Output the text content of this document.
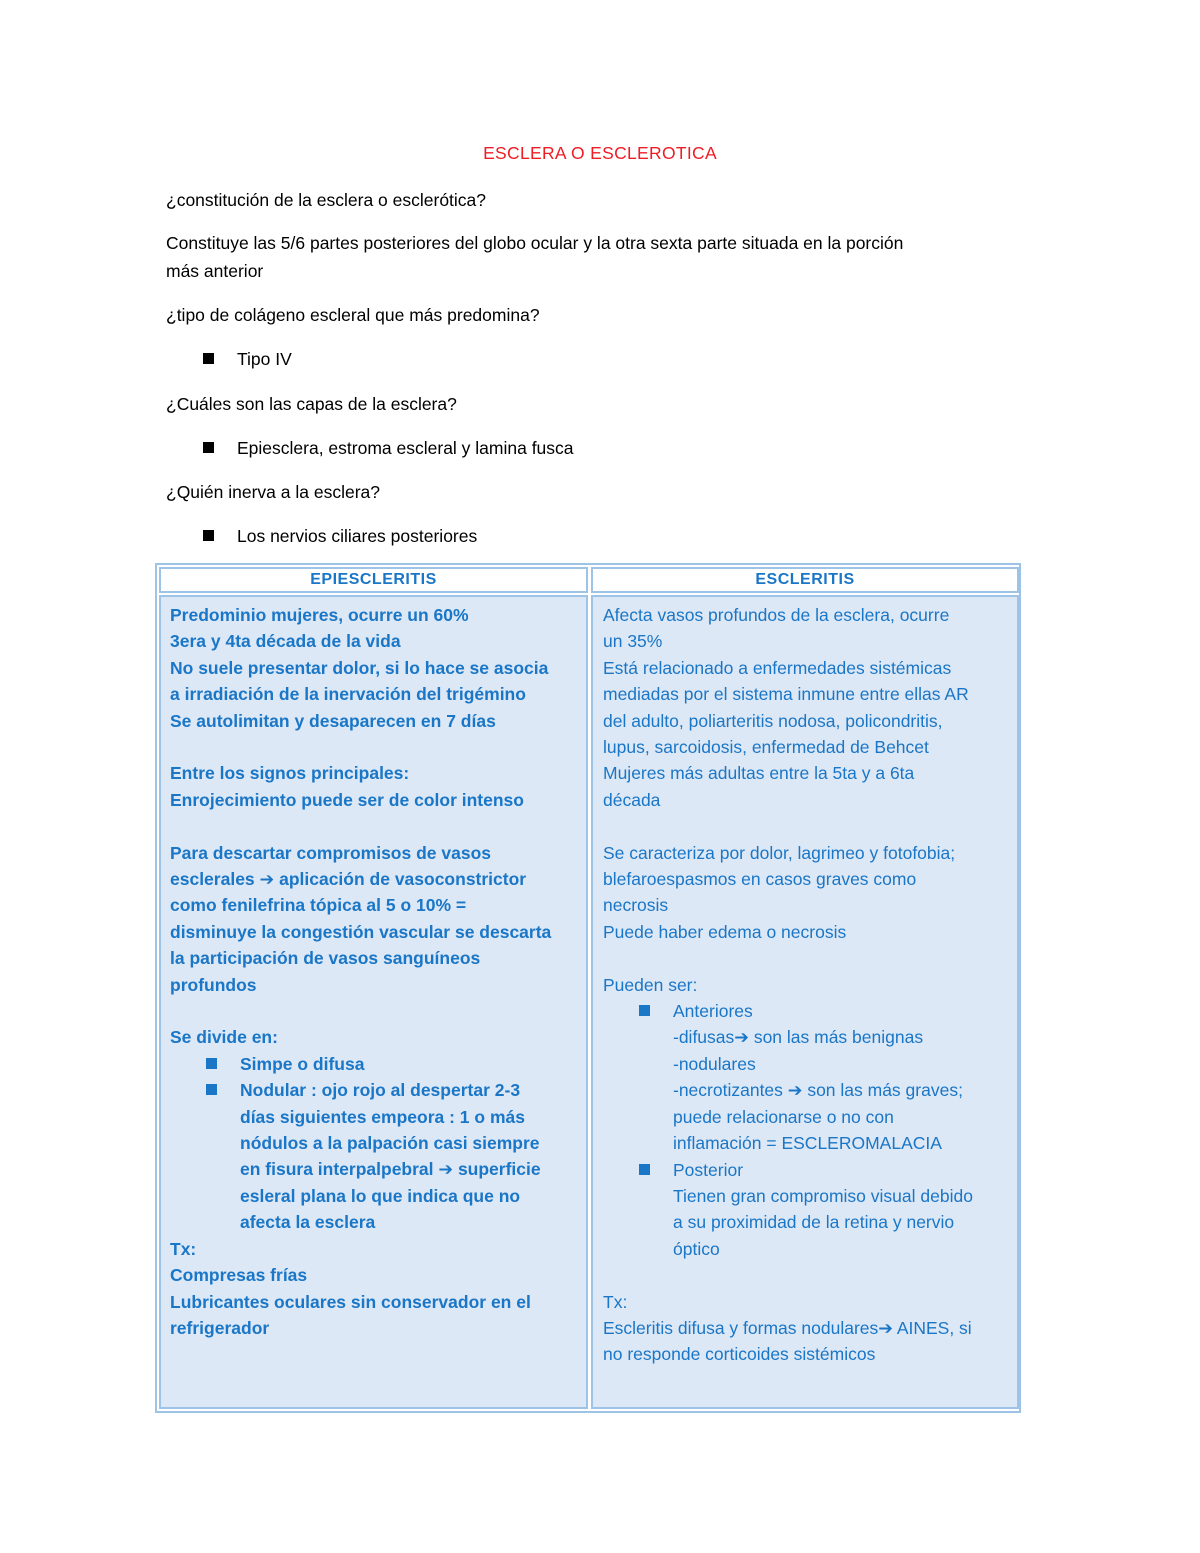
ESCLERA O ESCLEROTICA
¿constitución de la esclera o esclerótica?
Constituye las 5/6 partes posteriores del globo ocular y la otra sexta parte situada en la porción
más anterior
¿tipo de colágeno escleral que más predomina?
Tipo IV
¿Cuáles son las capas de la esclera?
Epiesclera, estroma escleral y lamina fusca
¿Quién inerva a la esclera?
Los nervios ciliares posteriores
EPIESCLERITIS	ESCLERITIS

Predominio mujeres, ocurre un 60%

3era y 4ta década de la vida

No suele presentar dolor, si lo hace se asocia

a irradiación de la inervación del trigémino

Se autolimitan y desaparecen en 7 días

Entre los signos principales:

Enrojecimiento puede ser de color intenso

Para descartar compromisos de vasos

esclerales ➔ aplicación de vasoconstrictor

como fenilefrina tópica al 5 o 10% =

disminuye la congestión vascular se descarta

la participación de vasos sanguíneos

profundos

Se divide en:

Simpe o difusa

Nodular : ojo rojo al despertar 2-3

días siguientes empeora : 1 o más

nódulos a la palpación casi siempre

en fisura interpalpebral ➔ superficie

esleral plana lo que indica que no

afecta la esclera

Tx:

Compresas frías

Lubricantes oculares sin conservador en el

refrigerador

Afecta vasos profundos de la esclera, ocurre

un 35%

Está relacionado a enfermedades sistémicas

mediadas por el sistema inmune entre ellas AR

del adulto, poliarteritis nodosa, policondritis,

lupus, sarcoidosis, enfermedad de Behcet

Mujeres más adultas entre la 5ta y a 6ta

década

Se caracteriza por dolor, lagrimeo y fotofobia;

blefaroespasmos en casos graves como

necrosis

Puede haber edema o necrosis

Pueden ser:

Anteriores

-difusas➔ son las más benignas

-nodulares

-necrotizantes ➔ son las más graves;

puede relacionarse o no con

inflamación = ESCLEROMALACIA

Posterior

Tienen gran compromiso visual debido

a su proximidad de la retina y nervio

óptico

Tx:

Escleritis difusa y formas nodulares➔ AINES, si

no responde corticoides sistémicos
